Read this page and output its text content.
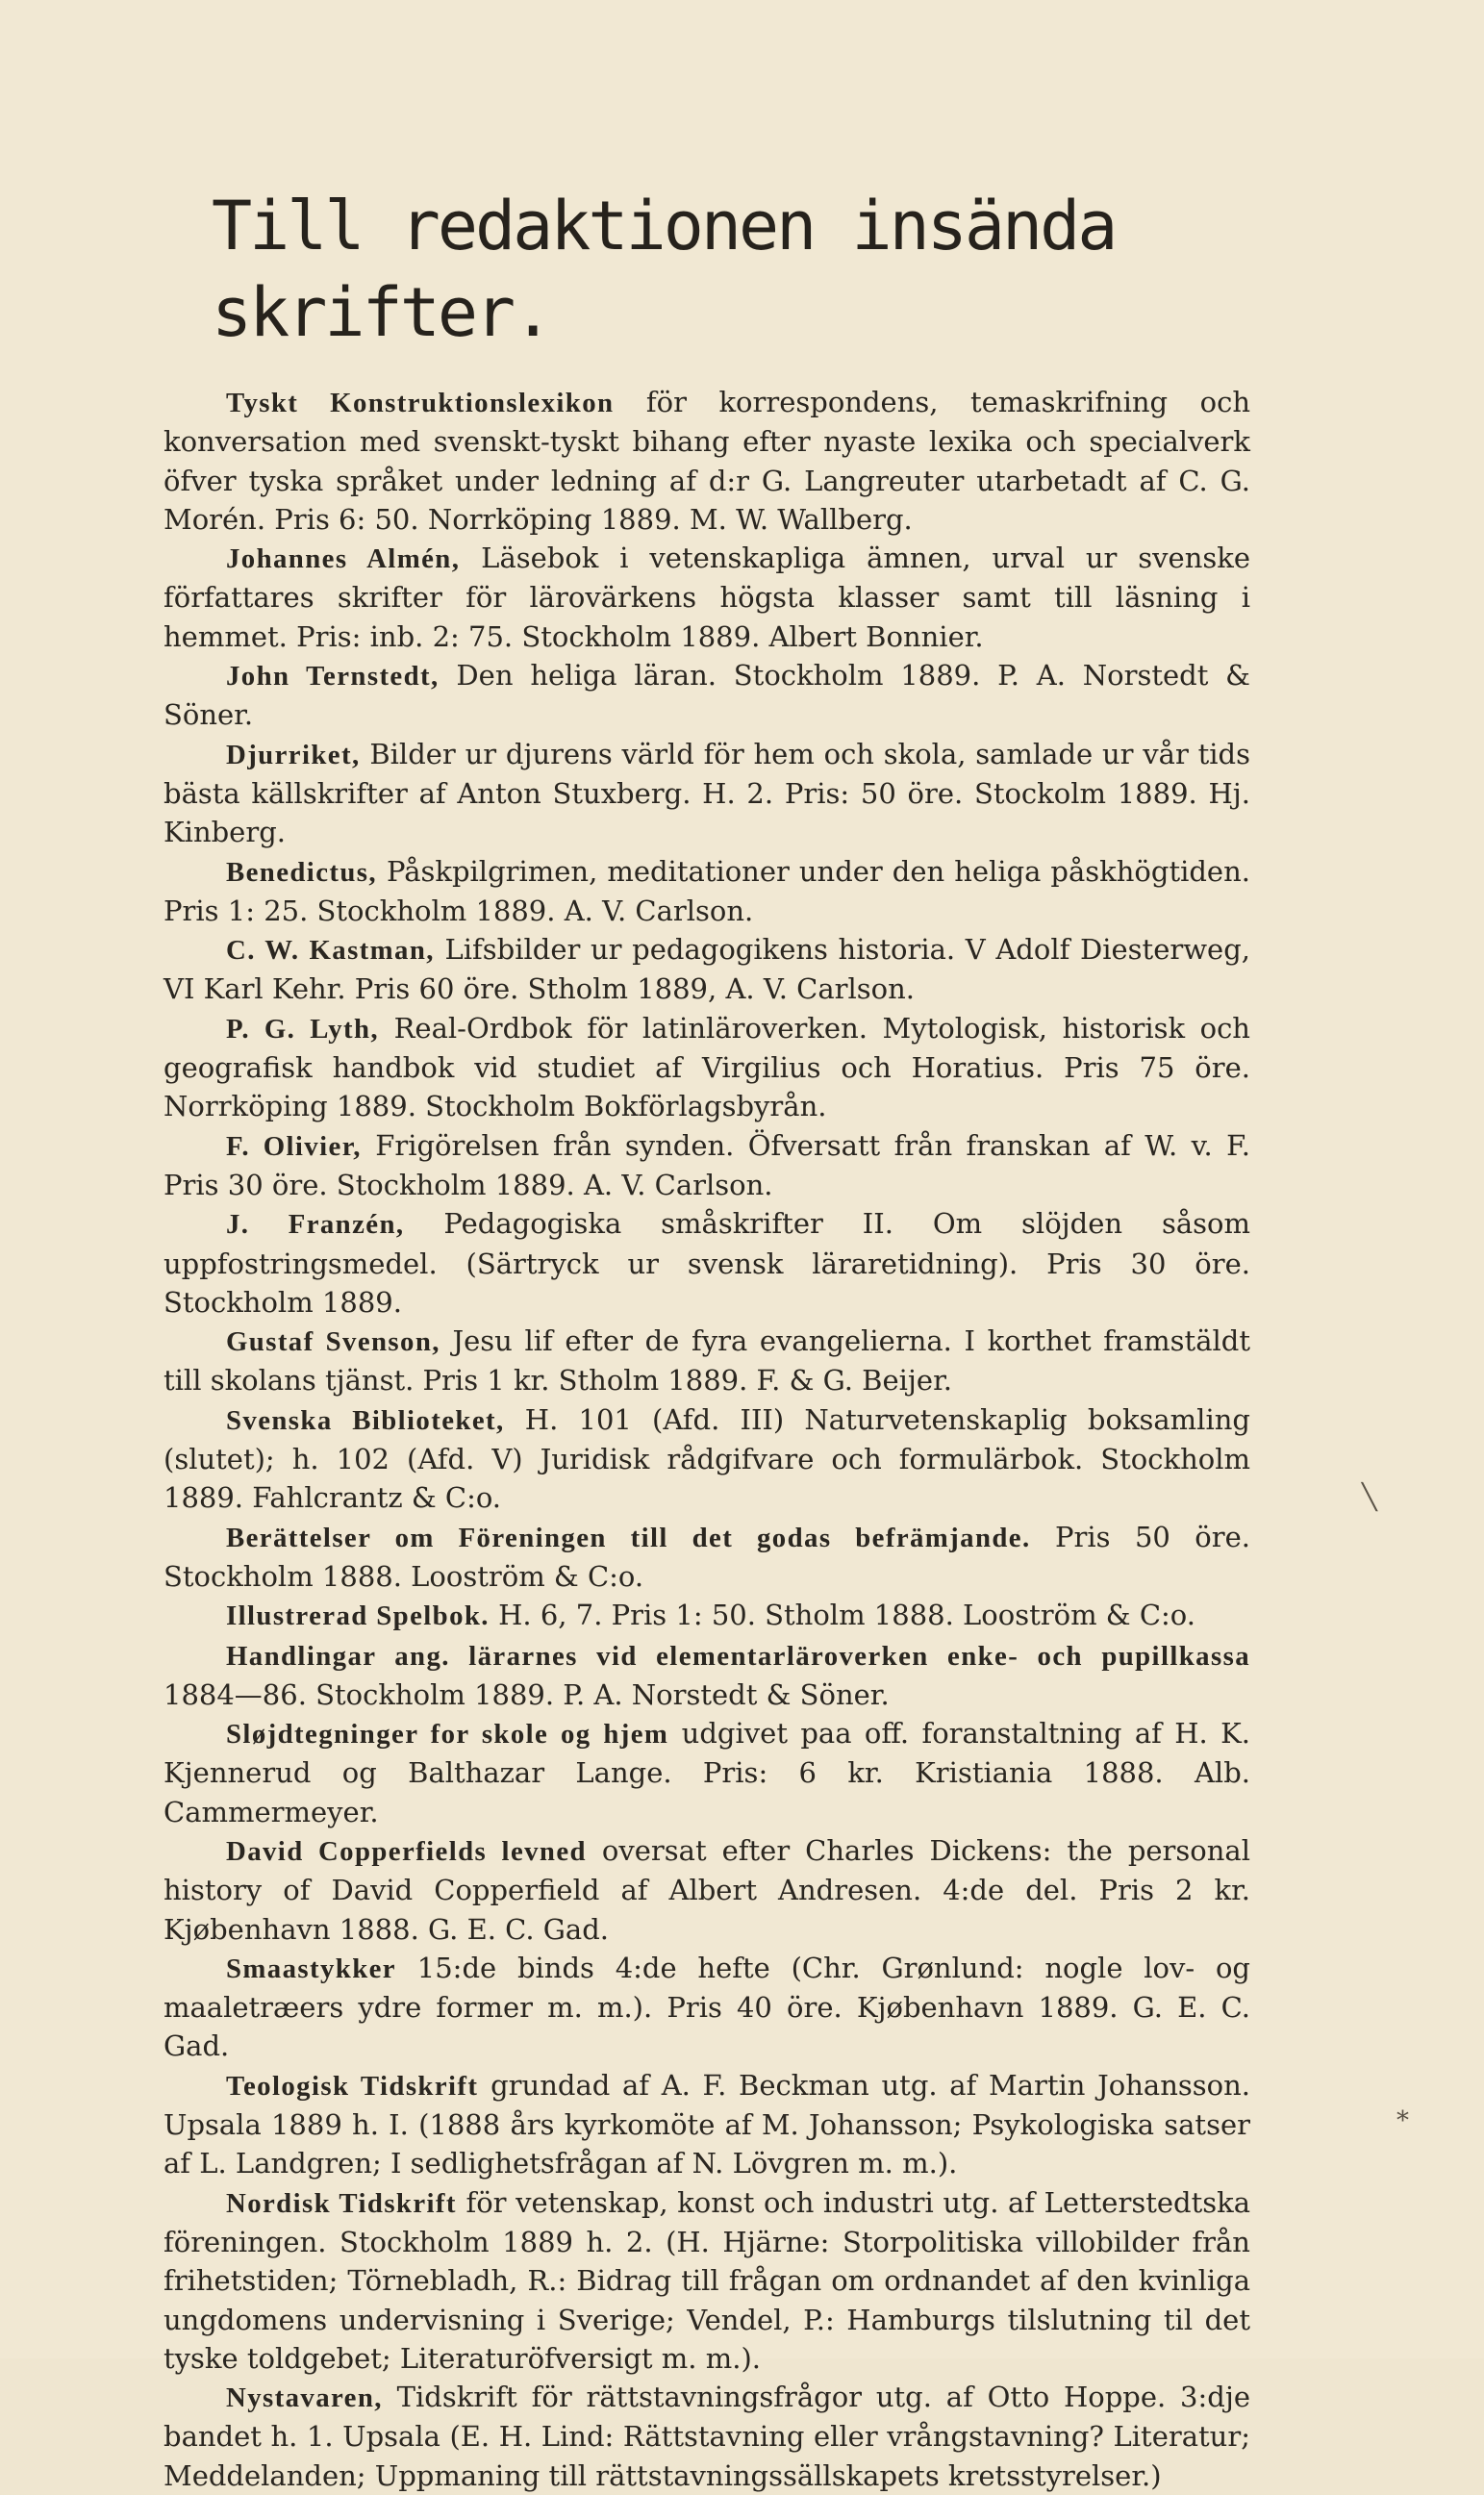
Till redaktionen insända skrifter.

Tyskt Konstruktionslexikon för korrespondens, temaskrifning och konversation med svenskt-tyskt bihang efter nyaste lexika och specialverk öfver tyska språket under ledning af d:r G. Langreuter utarbetadt af C. G. Morén. Pris 6: 50. Norrköping 1889. M. W. Wallberg.

Johannes Almén, Läsebok i vetenskapliga ämnen, urval ur svenske författares skrifter för lärovärkens högsta klasser samt till läsning i hemmet. Pris: inb. 2: 75. Stockholm 1889. Albert Bonnier.

John Ternstedt, Den heliga läran. Stockholm 1889. P. A. Norstedt & Söner.

Djurriket, Bilder ur djurens värld för hem och skola, samlade ur vår tids bästa källskrifter af Anton Stuxberg. H. 2. Pris: 50 öre. Stockolm 1889. Hj. Kinberg.

Benedictus, Påskpilgrimen, meditationer under den heliga påskhögtiden. Pris 1: 25. Stockholm 1889. A. V. Carlson.

C. W. Kastman, Lifsbilder ur pedagogikens historia. V Adolf Diesterweg, VI Karl Kehr. Pris 60 öre. Stholm 1889, A. V. Carlson.

P. G. Lyth, Real-Ordbok för latinläroverken. Mytologisk, historisk och geografisk handbok vid studiet af Virgilius och Horatius. Pris 75 öre. Norrköping 1889. Stockholm Bokförlagsbyrån.

F. Olivier, Frigörelsen från synden. Öfversatt från franskan af W. v. F. Pris 30 öre. Stockholm 1889. A. V. Carlson.

J. Franzén, Pedagogiska småskrifter II. Om slöjden såsom uppfostringsmedel. (Särtryck ur svensk läraretidning). Pris 30 öre. Stockholm 1889.

Gustaf Svenson, Jesu lif efter de fyra evangelierna. I korthet framstäldt till skolans tjänst. Pris 1 kr. Stholm 1889. F. & G. Beijer.

Svenska Biblioteket, H. 101 (Afd. III) Naturvetenskaplig boksamling (slutet); h. 102 (Afd. V) Juridisk rådgifvare och formulärbok. Stockholm 1889. Fahlcrantz & C:o.

Berättelser om Föreningen till det godas befrämjande. Pris 50 öre. Stockholm 1888. Looström & C:o.

Illustrerad Spelbok. H. 6, 7. Pris 1: 50. Stholm 1888. Looström & C:o.

Handlingar ang. lärarnes vid elementarläroverken enke- och pupillkassa 1884—86. Stockholm 1889. P. A. Norstedt & Söner.

Sløjdtegninger for skole og hjem udgivet paa off. foranstaltning af H. K. Kjennerud og Balthazar Lange. Pris: 6 kr. Kristiania 1888. Alb. Cammermeyer.

David Copperfields levned oversat efter Charles Dickens: the personal history of David Copperfield af Albert Andresen. 4:de del. Pris 2 kr. Kjøbenhavn 1888. G. E. C. Gad.

Smaastykker 15:de binds 4:de hefte (Chr. Grønlund: nogle lov- og maaletræers ydre former m. m.). Pris 40 öre. Kjøbenhavn 1889. G. E. C. Gad.

Teologisk Tidskrift grundad af A. F. Beckman utg. af Martin Johansson. Upsala 1889 h. I. (1888 års kyrkomöte af M. Johansson; Psykologiska satser af L. Landgren; I sedlighetsfrågan af N. Lövgren m. m.).

Nordisk Tidskrift för vetenskap, konst och industri utg. af Letterstedtska föreningen. Stockholm 1889 h. 2. (H. Hjärne: Storpolitiska villobilder från frihetstiden; Törnebladh, R.: Bidrag till frågan om ordnandet af den kvinliga ungdomens undervisning i Sverige; Vendel, P.: Hamburgs tilslutning til det tyske toldgebet; Literaturöfversigt m. m.).

Nystavaren, Tidskrift för rättstavningsfrågor utg. af Otto Hoppe. 3:dje bandet h. 1. Upsala (E. H. Lind: Rättstavning eller vrångstavning? Literatur; Meddelanden; Uppmaning till rättstavningssällskapets kretsstyrelser.)

╲
*
